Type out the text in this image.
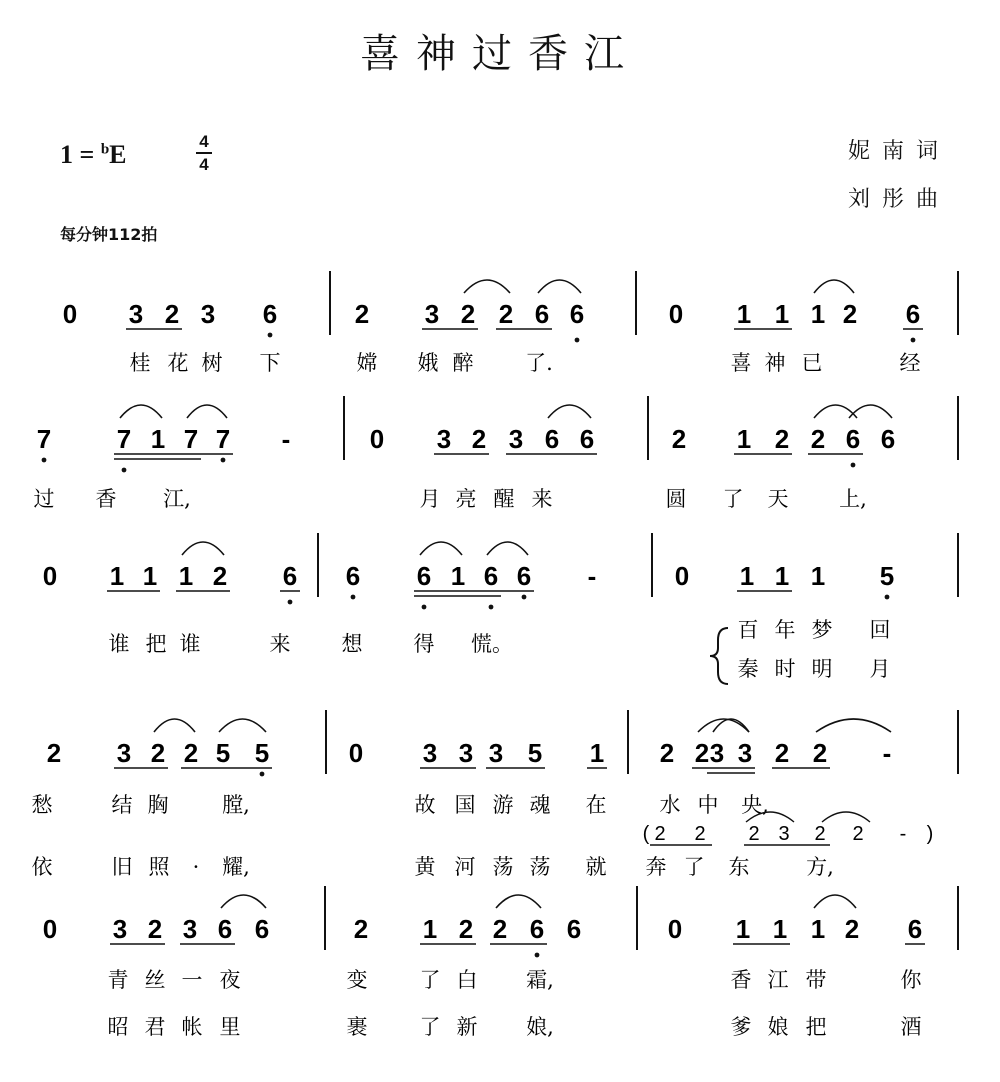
喜神过香江
1 = $^b$E	4
4
每分钟112拍
妮南词
刘彤曲
0 3 2 3 6	2 3 2 2 6 6	0 1 1 1 2 6
7	7 1 7 7 -	0 3 2 3 6 6	2 1 2 2 6 6
0 1 1 1 2 6 6 6 1 6 6 -	0 1 1 1 5
2 3 2 2 5 5	0 3 3 3 5 1 2 2 3 3 2 2 -
0 3 2 3 6 6	2 1 2 2 6 6	0 1 1 1 2 6
桂 花 树 下	嫦 娥 醉 了.	喜 神 已	经
过 香 江,	月 亮 醒 来	圆 了 天 上,
谁 把 谁	来 想 得 慌。
百 年 梦 回
秦 时 明 月
愁	结 胸	膛,	故 国 游 魂 在	水 中 央,
依	旧 照 · 耀,	黄 河 荡 荡 就 奔 了 东	方,
青 丝 一 夜	变 了 白 霜,	香 江 带	你
昭 君 帐 里	裹 了 新 娘,	爹 娘 把	酒
( 2 2 2 3 2 2 - )
